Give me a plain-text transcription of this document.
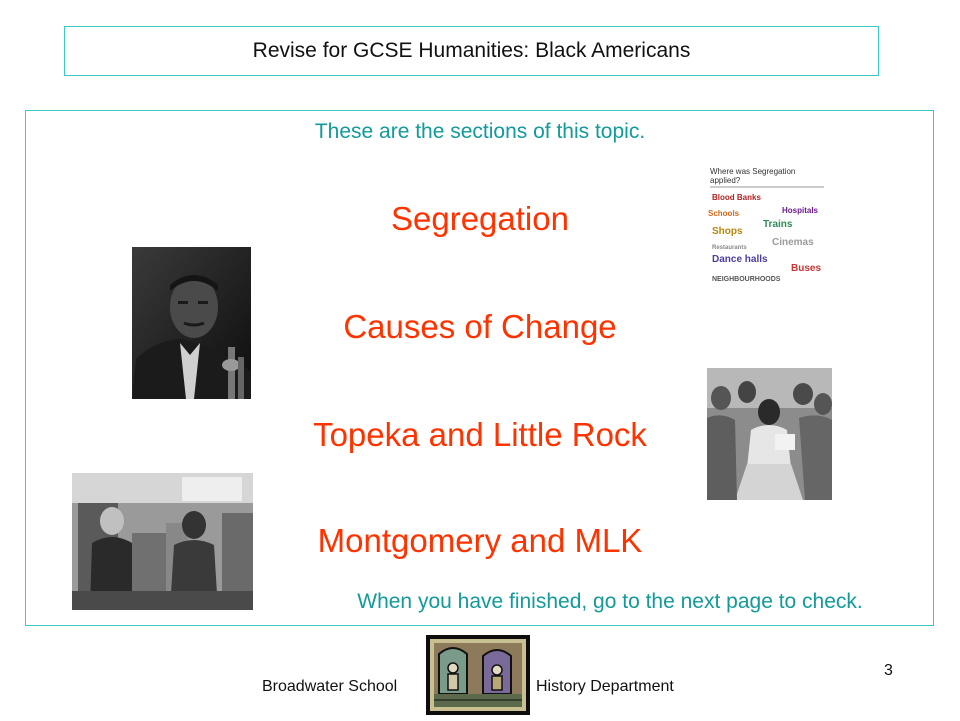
Revise for GCSE Humanities: Black Americans
These are the sections of this topic.
Segregation
Causes of Change
Topeka and Little Rock
Montgomery and MLK
When you have finished, go to the next page to check.
Where was Segregation
applied?
Blood Banks
Hospitals
Schools
Trains
Shops
Restaurants	Cinemas
Dance halls
Buses
NEIGHBOURHOODS
Broadwater School	History Department
3
